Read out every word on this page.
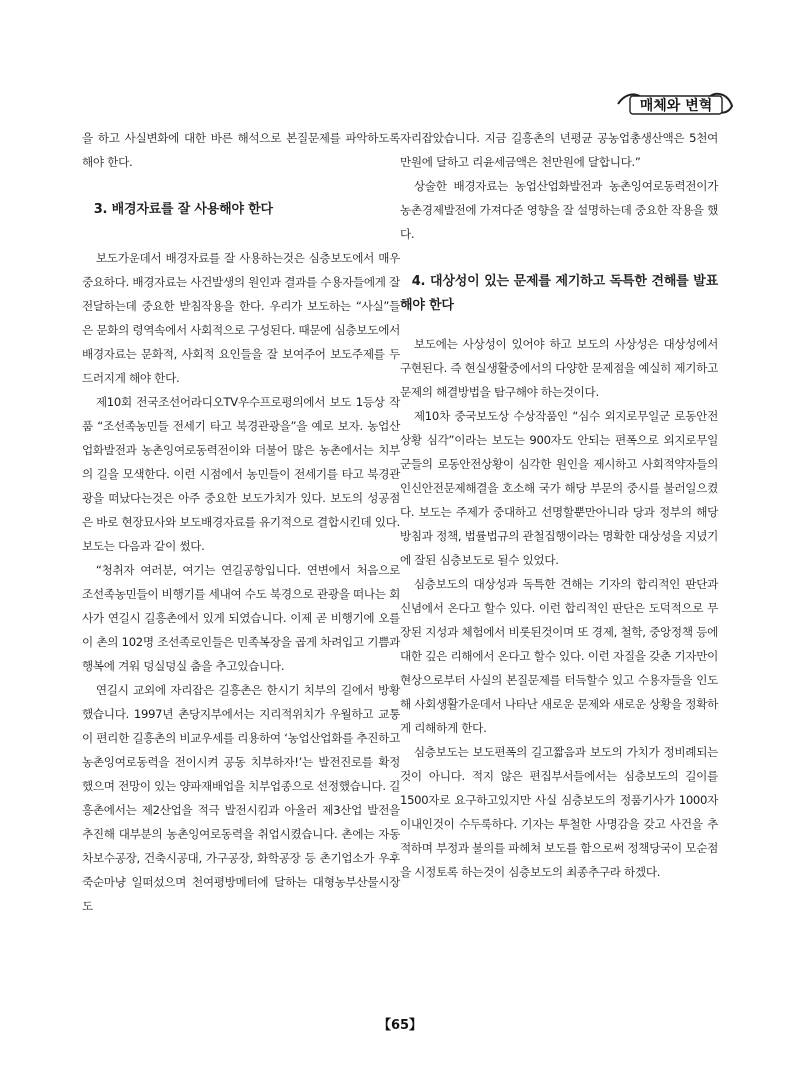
매체와 변혁

을 하고 사실변화에 대한 바른 해석으로 본질문제를 파악하도록 해야 한다.

3. 배경자료를 잘 사용해야 한다

보도가운데서 배경자료를 잘 사용하는것은 심층보도에서 매우 중요하다. 배경자료는 사건발생의 원인과 결과를 수용자들에게 잘 전달하는데 중요한 받침작용을 한다. 우리가 보도하는 “사실”들은 문화의 령역속에서 사회적으로 구성된다. 때문에 심층보도에서 배경자료는 문화적, 사회적 요인들을 잘 보여주어 보도주제를 두드러지게 해야 한다.

제10회 전국조선어라디오TV우수프로평의에서 보도 1등상 작품 “조선족농민들 전세기 타고 북경관광을”을 예로 보자. 농업산업화발전과 농촌잉여로동력전이와 더불어 많은 농촌에서는 치부의 길을 모색한다. 이런 시점에서 농민들이 전세기를 타고 북경관광을 떠났다는것은 아주 중요한 보도가치가 있다. 보도의 성공점은 바로 현장묘사와 보도배경자료를 유기적으로 결합시킨데 있다. 보도는 다음과 같이 썼다.

“청취자 여러분, 여기는 연길공항입니다. 연변에서 처음으로 조선족농민들이 비행기를 세내여 수도 북경으로 관광을 떠나는 회사가 연길시 길흥촌에서 있게 되였습니다. 이제 곧 비행기에 오를 이 촌의 102명 조선족로인들은 민족복장을 곱게 차려입고 기쁨과 행복에 겨워 덩실덩실 춤을 추고있습니다.

연길시 교외에 자리잡은 길흥촌은 한시기 치부의 길에서 방황했습니다. 1997년 촌당지부에서는 지리적위치가 우월하고 교통이 편리한 길흥촌의 비교우세를 리용하여 ‘농업산업화를 추진하고 농촌잉여로동력을 전이시켜 공동 치부하자!’는 발전진로를 확정했으며 전망이 있는 양파재배업을 치부업종으로 선정했습니다. 길흥촌에서는 제2산업을 적극 발전시킴과 아울러 제3산업 발전을 추진해 대부분의 농촌잉여로동력을 취업시켰습니다. 촌에는 자동차보수공장, 건축시공대, 가구공장, 화학공장 등 촌기업소가 우후죽순마냥 일떠섰으며 천여평방메터에 달하는 대형농부산물시장도

자리잡았습니다. 지금 길흥촌의 년평균 공농업총생산액은 5천여만원에 달하고 리윤세금액은 천만원에 달합니다.”

상술한 배경자료는 농업산업화발전과 농촌잉여로동력전이가 농촌경제발전에 가져다준 영향을 잘 설명하는데 중요한 작용을 했다.

4. 대상성이 있는 문제를 제기하고 독특한 견해를 발표해야 한다

보도에는 사상성이 있어야 하고 보도의 사상성은 대상성에서 구현된다. 즉 현실생활중에서의 다양한 문제점을 예실히 제기하고 문제의 해결방법을 탐구해야 하는것이다.

제10차 중국보도상 수상작품인 “심수 외지로무일군 로동안전상황 심각”이라는 보도는 900자도 안되는 편폭으로 외지로무일군들의 로동안전상황이 심각한 원인을 제시하고 사회적약자들의 인신안전문제해결을 호소해 국가 해당 부문의 중시를 불러일으켰다. 보도는 주제가 중대하고 선명할뿐만아니라 당과 정부의 해당 방침과 정책, 법률법규의 관철집행이라는 명확한 대상성을 지녔기에 잘된 심층보도로 될수 있었다.

심층보도의 대상성과 독특한 견해는 기자의 합리적인 판단과 신념에서 온다고 할수 있다. 이런 합리적인 판단은 도덕적으로 무장된 지성과 체험에서 비롯된것이며 또 경제, 철학, 중앙정책 등에 대한 깊은 리해에서 온다고 할수 있다. 이런 자질을 갖춘 기자만이 현상으로부터 사실의 본질문제를 터득할수 있고 수용자들을 인도해 사회생활가운데서 나타난 새로운 문제와 새로운 상황을 정확하게 리해하게 한다.

심층보도는 보도편폭의 길고짧음과 보도의 가치가 정비례되는것이 아니다. 적지 않은 편집부서들에서는 심층보도의 길이를 1500자로 요구하고있지만 사실 심층보도의 정품기사가 1000자 이내인것이 수두룩하다. 기자는 투철한 사명감을 갖고 사건을 추적하며 부정과 불의를 파헤쳐 보도를 함으로써 정책당국이 모순점을 시정토록 하는것이 심층보도의 최종추구라 하겠다.

【65】
